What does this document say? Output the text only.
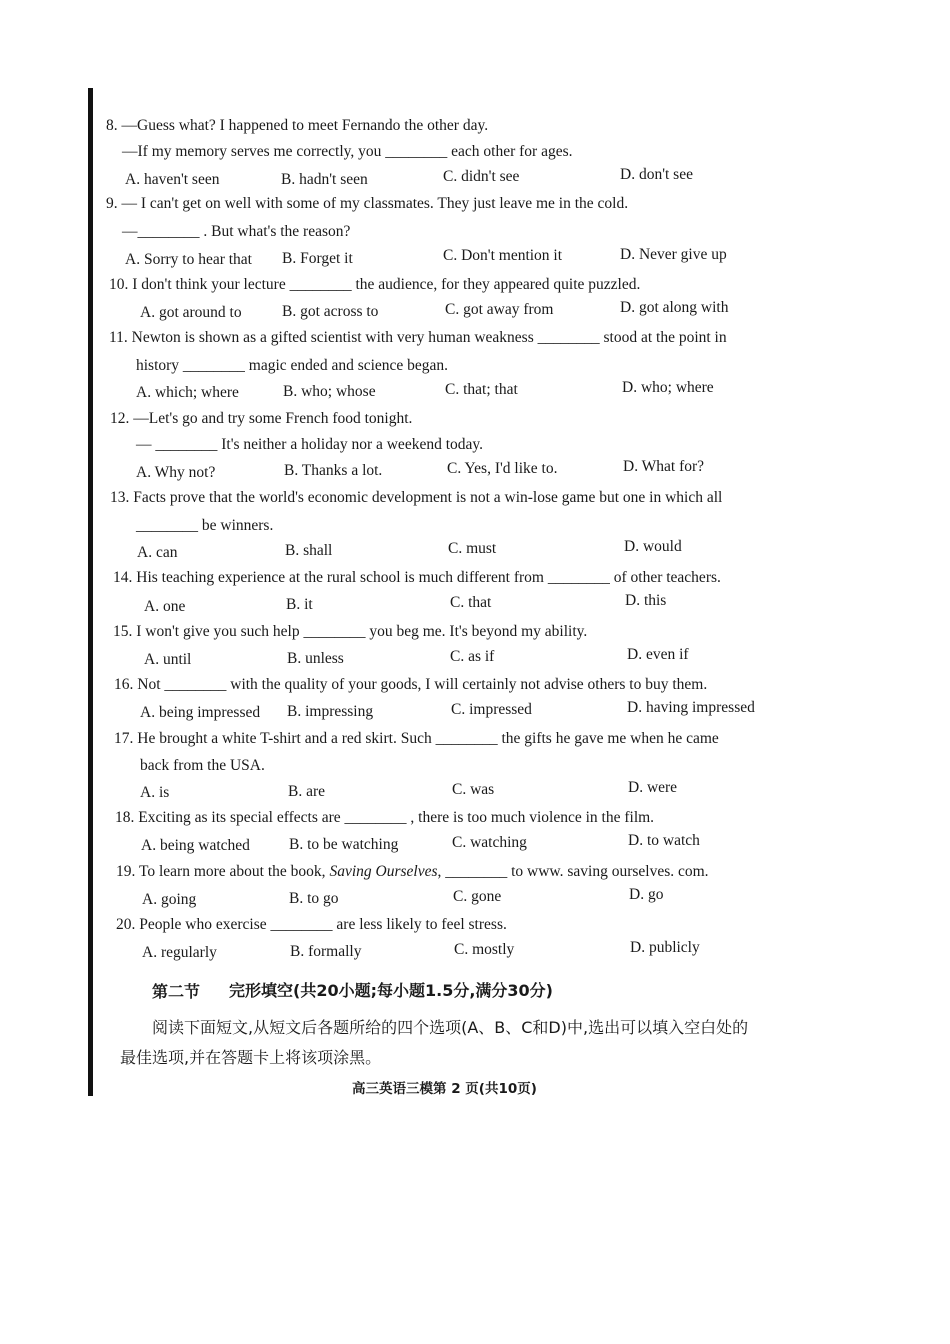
8. —Guess what? I happened to meet Fernando the other day.
—If my memory serves me correctly, you ________ each other for ages.
A. haven't seen	B. hadn't seen	C. didn't see	D. don't see
9. — I can't get on well with some of my classmates. They just leave me in the cold.
—________ . But what's the reason?
A. Sorry to hear that B. Forget it	C. Don't mention it	D. Never give up
10. I don't think your lecture ________ the audience, for they appeared quite puzzled.
A. got around to	B. got across to	C. got away from	D. got along with
11. Newton is shown as a gifted scientist with very human weakness ________ stood at the point in
history ________ magic ended and science began.
A. which; where	B. who; whose	C. that; that	D. who; where
12. —Let's go and try some French food tonight.
— ________ It's neither a holiday nor a weekend today.
A. Why not?	B. Thanks a lot.	C. Yes, I'd like to.	D. What for?
13. Facts prove that the world's economic development is not a win-lose game but one in which all
________ be winners.
A. can	B. shall	C. must	D. would
14. His teaching experience at the rural school is much different from ________ of other teachers.
A. one	B. it	C. that	D. this
15. I won't give you such help ________ you beg me. It's beyond my ability.
A. until	B. unless	C. as if	D. even if
16. Not ________ with the quality of your goods, I will certainly not advise others to buy them.
A. being impressed B. impressing	C. impressed	D. having impressed
17. He brought a white T-shirt and a red skirt. Such ________ the gifts he gave me when he came
back from the USA.
A. is	B. are	C. was	D. were
18. Exciting as its special effects are ________ , there is too much violence in the film.
A. being watched	B. to be watching	C. watching	D. to watch
19. To learn more about the book, Saving Ourselves, ________ to www. saving ourselves. com.
A. going	B. to go	C. gone	D. go
20. People who exercise ________ are less likely to feel stress.
A. regularly	B. formally	C. mostly	D. publicly
第二节 完形填空(共20小题;每小题1.5分,满分30分)
阅读下面短文,从短文后各题所给的四个选项(A、B、C和D)中,选出可以填入空白处的
最佳选项,并在答题卡上将该项涂黑。
高三英语三模第 2 页(共10页)
